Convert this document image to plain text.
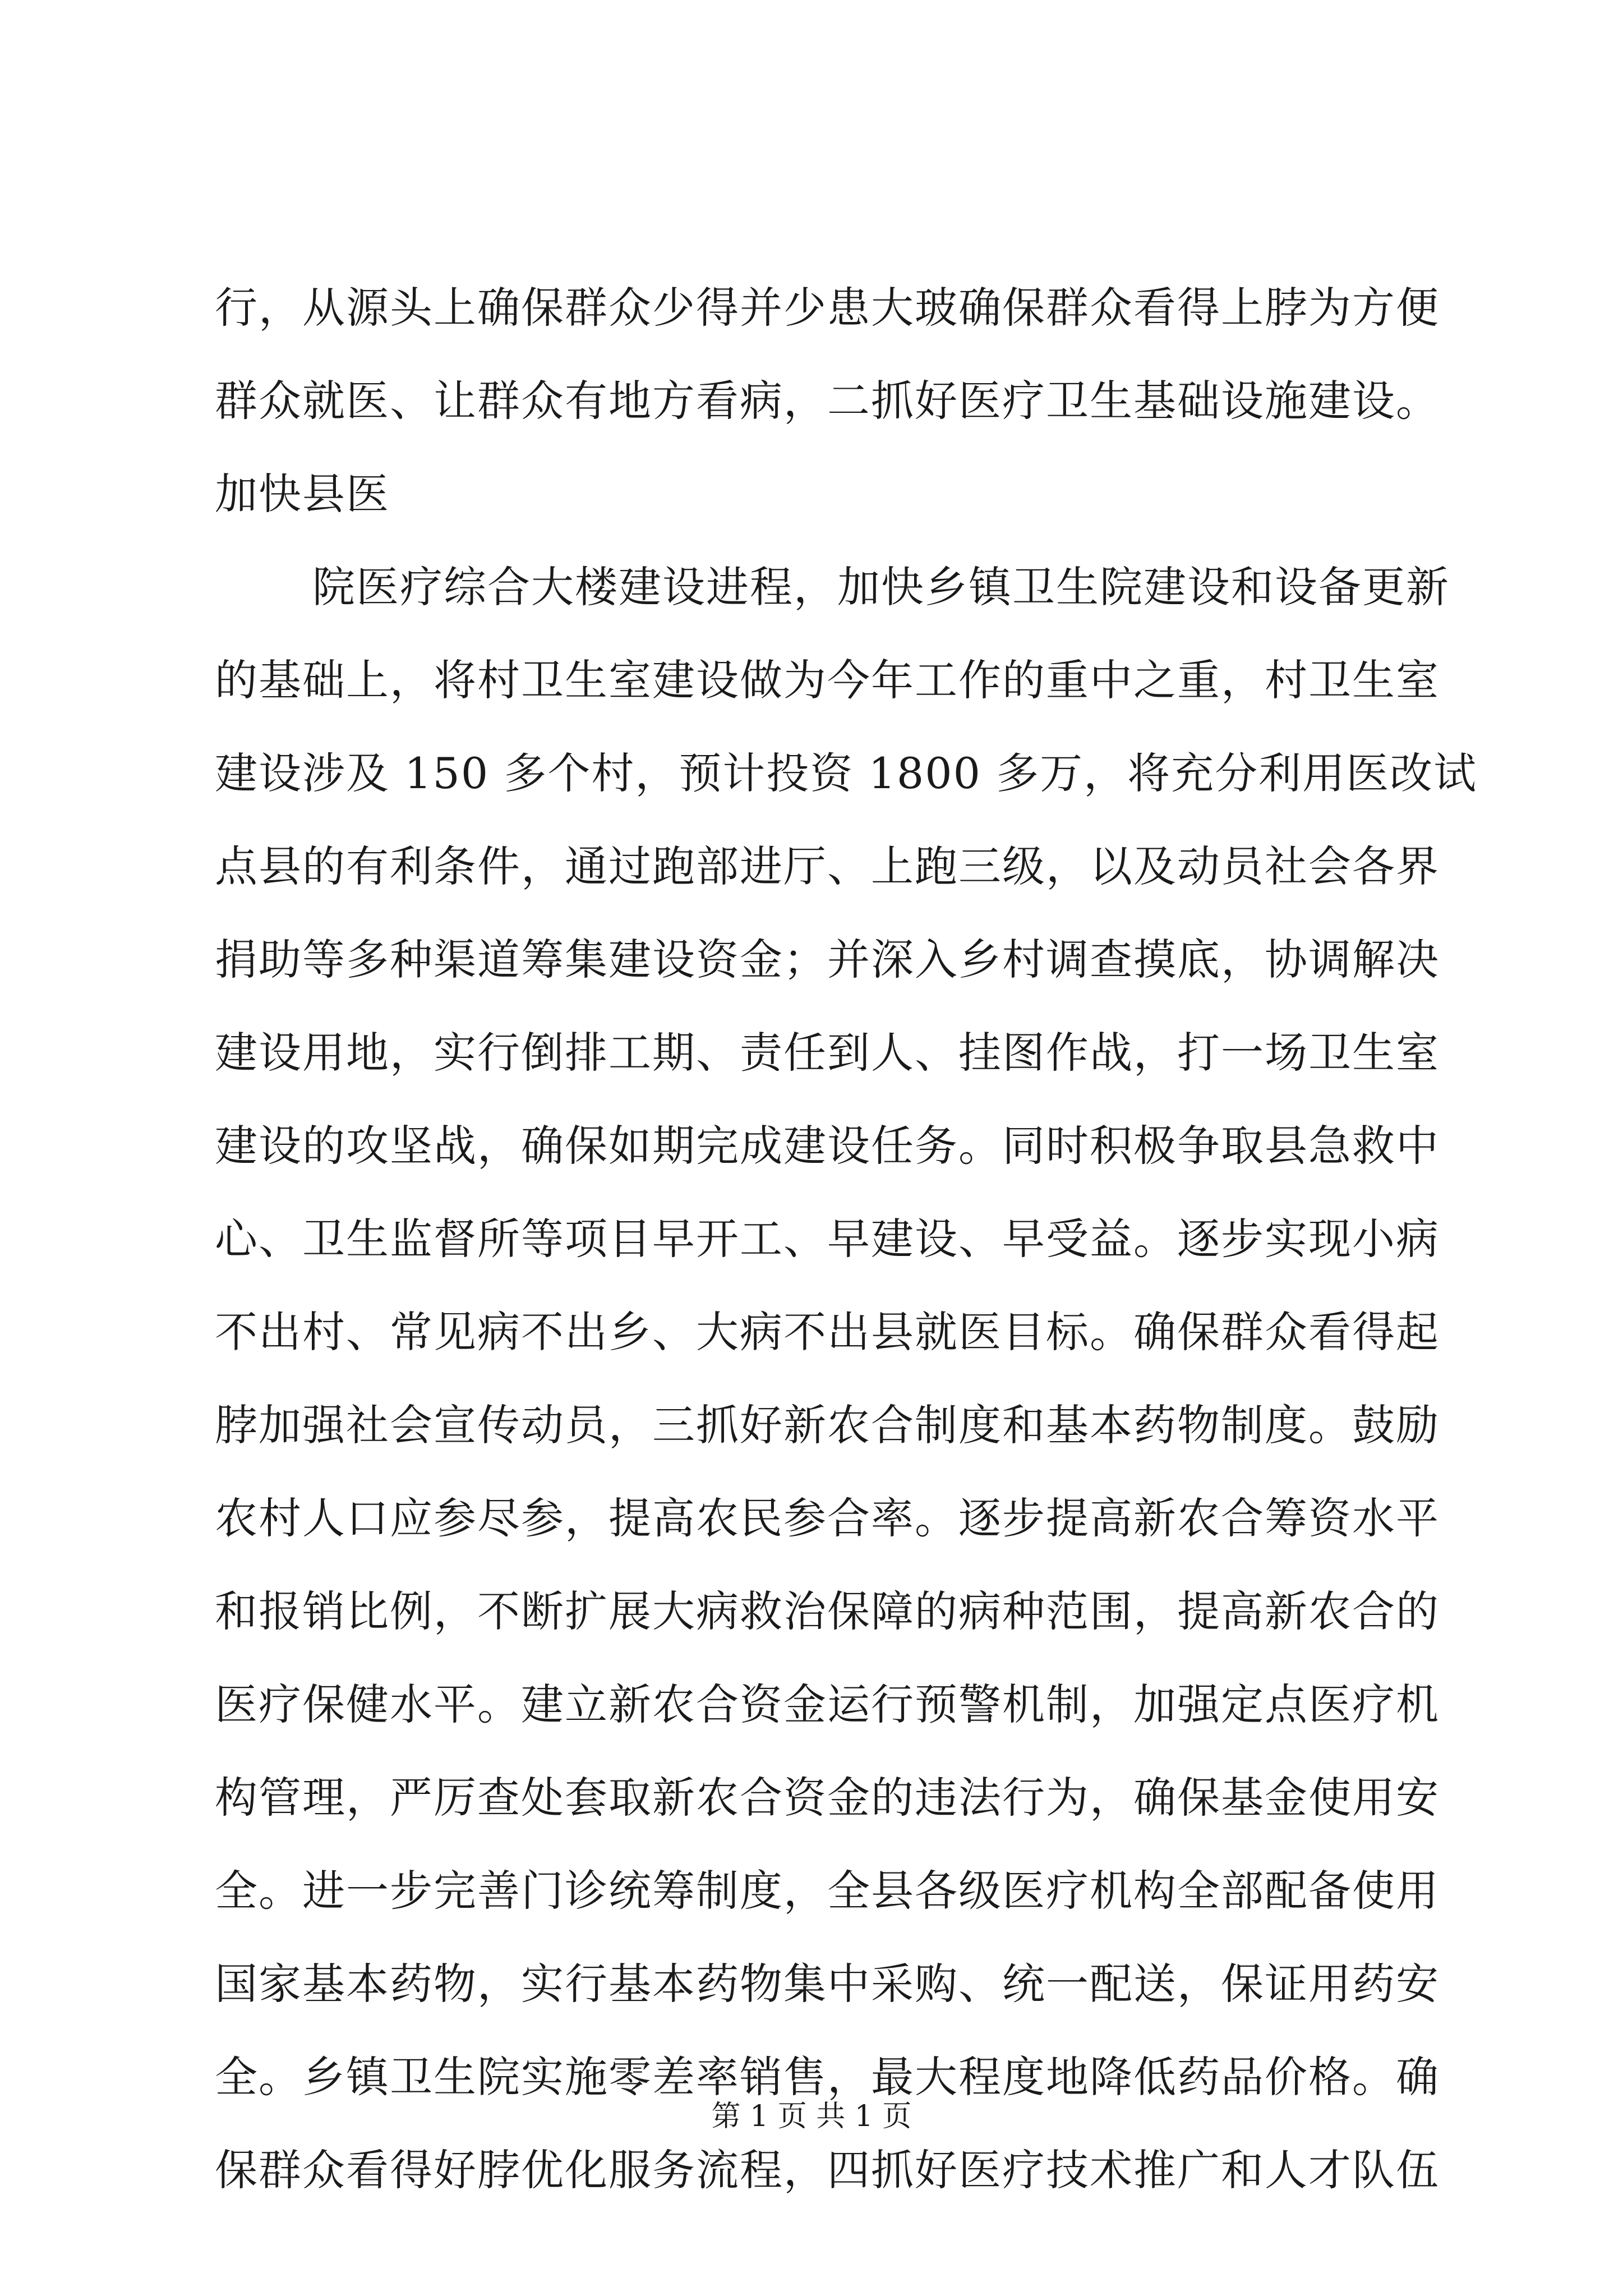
行，从源头上确保群众少得并少患大玻确保群众看得上脖为方便
群众就医、让群众有地方看病，二抓好医疗卫生基础设施建设。
加快县医
院医疗综合大楼建设进程，加快乡镇卫生院建设和设备更新
的基础上，将村卫生室建设做为今年工作的重中之重，村卫生室
建设涉及 150 多个村，预计投资 1800 多万，将充分利用医改试
点县的有利条件，通过跑部进厅、上跑三级，以及动员社会各界
捐助等多种渠道筹集建设资金；并深入乡村调查摸底，协调解决
建设用地，实行倒排工期、责任到人、挂图作战，打一场卫生室
建设的攻坚战，确保如期完成建设任务。同时积极争取县急救中
心、卫生监督所等项目早开工、早建设、早受益。逐步实现小病
不出村、常见病不出乡、大病不出县就医目标。确保群众看得起
脖加强社会宣传动员，三抓好新农合制度和基本药物制度。鼓励
农村人口应参尽参，提高农民参合率。逐步提高新农合筹资水平
和报销比例，不断扩展大病救治保障的病种范围，提高新农合的
医疗保健水平。建立新农合资金运行预警机制，加强定点医疗机
构管理，严厉查处套取新农合资金的违法行为，确保基金使用安
全。进一步完善门诊统筹制度，全县各级医疗机构全部配备使用
国家基本药物，实行基本药物集中采购、统一配送，保证用药安
全。乡镇卫生院实施零差率销售，最大程度地降低药品价格。确
保群众看得好脖优化服务流程，四抓好医疗技术推广和人才队伍
第 1 页 共 1 页
